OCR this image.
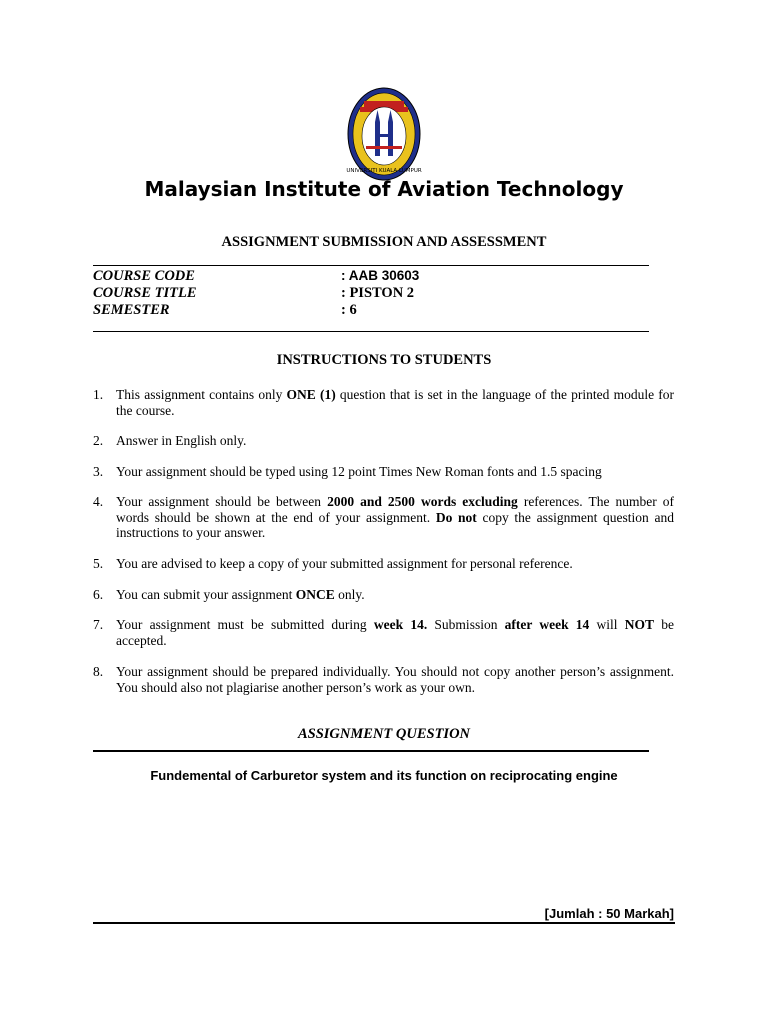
UNIVERSITI KUALA LUMPUR
Malaysian Institute of Aviation Technology
ASSIGNMENT SUBMISSION AND ASSESSMENT
COURSE CODE	: AAB 30603
COURSE TITLE	: PISTON 2
SEMESTER	: 6
INSTRUCTIONS TO STUDENTS
1. This assignment contains only ONE (1) question that is set in the language of the printed module for the course.
2. Answer in English only.
3. Your assignment should be typed using 12 point Times New Roman fonts and 1.5 spacing
4. Your assignment should be between 2000 and 2500 words excluding references. The number of words should be shown at the end of your assignment. Do not copy the assignment question and instructions to your answer.
5. You are advised to keep a copy of your submitted assignment for personal reference.
6. You can submit your assignment ONCE only.
7. Your assignment must be submitted during week 14. Submission after week 14 will NOT be accepted.
8. Your assignment should be prepared individually. You should not copy another person’s assignment. You should also not plagiarise another person’s work as your own.
ASSIGNMENT QUESTION
Fundemental of Carburetor system and its function on reciprocating engine
[Jumlah : 50 Markah]
